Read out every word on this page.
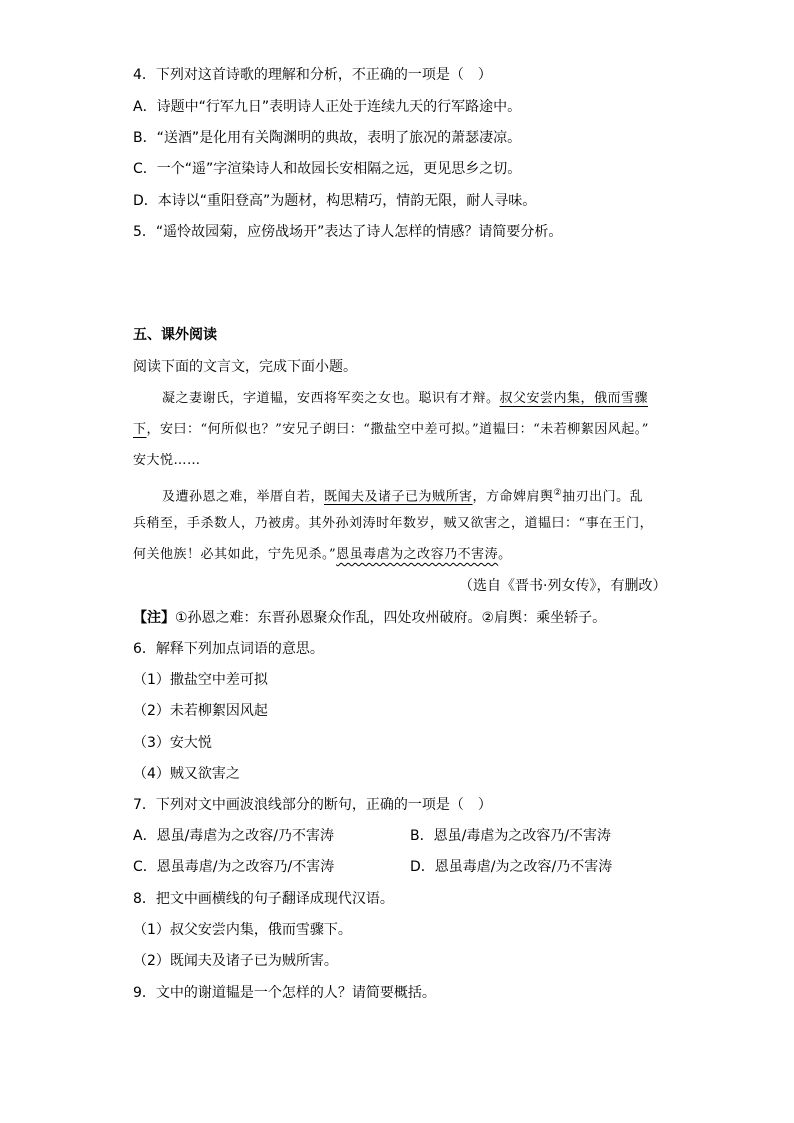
4．下列对这首诗歌的理解和分析，不正确的一项是（　）
A．诗题中“行军九日”表明诗人正处于连续九天的行军路途中。
B．“送酒”是化用有关陶渊明的典故，表明了旅况的萧瑟凄凉。
C．一个“遥”字渲染诗人和故园长安相隔之远，更见思乡之切。
D．本诗以“重阳登高”为题材，构思精巧，情韵无限，耐人寻味。
5．“遥怜故园菊，应傍战场开”表达了诗人怎样的情感？请简要分析。
五、课外阅读
阅读下面的文言文，完成下面小题。
凝之妻谢氏，字道韫，安西将军奕之女也。聪识有才辩。叔父安尝内集，俄而雪骤
下，安曰：“何所似也？”安兄子朗曰：“撒盐空中差可拟。”道韫曰：“未若柳絮因风起。”
安大悦……
及遭孙恩之难，举厝自若，既闻夫及诸子已为贼所害，方命婢肩舆②抽刃出门。乱
兵稍至，手杀数人，乃被虏。其外孙刘涛时年数岁，贼又欲害之，道韫曰：“事在王门，
何关他族！必其如此，宁先见杀。”恩虽毒虐为之改容乃不害涛。
（选自《晋书·列女传》，有删改）
【注】①孙恩之难：东晋孙恩聚众作乱，四处攻州破府。②肩舆：乘坐轿子。
6．解释下列加点词语的意思。
（1）撒盐空中差可拟
（2）未若柳絮因风起
（3）安大悦
（4）贼又欲害之
7．下列对文中画波浪线部分的断句，正确的一项是（　）
A．恩虽/毒虐为之改容/乃不害涛	B．恩虽/毒虐为之改容乃/不害涛
C．恩虽毒虐/为之改容乃/不害涛	D．恩虽毒虐/为之改容/乃不害涛
8．把文中画横线的句子翻译成现代汉语。
（1）叔父安尝内集，俄而雪骤下。
（2）既闻夫及诸子已为贼所害。
9．文中的谢道韫是一个怎样的人？请简要概括。
